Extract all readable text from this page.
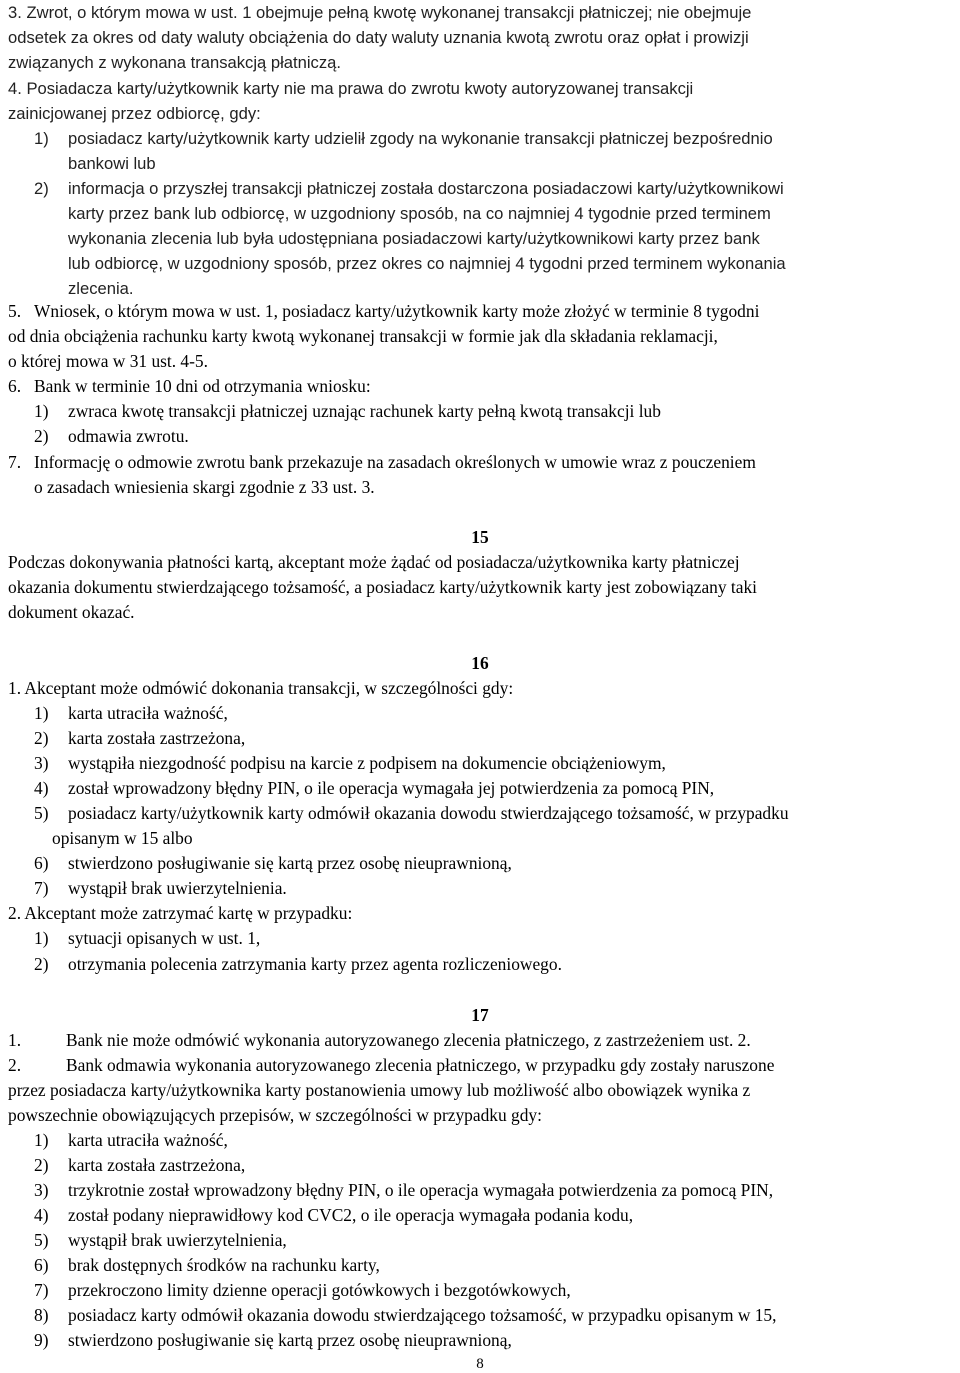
3. Zwrot, o którym mowa w ust. 1 obejmuje pełną kwotę wykonanej transakcji płatniczej; nie obejmuje

odsetek za okres od daty waluty obciążenia do daty waluty uznania kwotą zwrotu oraz opłat i prowizji

związanych z wykonana transakcją płatniczą.

4. Posiadacza karty/użytkownik karty nie ma prawa do zwrotu kwoty autoryzowanej transakcji

zainicjowanej przez odbiorcę, gdy:

1)	posiadacz karty/użytkownik karty udzielił zgody na wykonanie transakcji płatniczej bezpośrednio

bankowi lub

2)	informacja o przyszłej transakcji płatniczej została dostarczona posiadaczowi karty/użytkownikowi

karty przez bank lub odbiorcę, w uzgodniony sposób, na co najmniej 4 tygodnie przed terminem

wykonania zlecenia lub była udostępniana posiadaczowi karty/użytkownikowi karty przez bank

lub odbiorcę, w uzgodniony sposób, przez okres co najmniej 4 tygodni przed terminem wykonania

zlecenia.

5. Wniosek, o którym mowa w ust. 1, posiadacz karty/użytkownik karty może złożyć w terminie 8 tygodni

od dnia obciążenia rachunku karty kwotą wykonanej transakcji w formie jak dla składania reklamacji,

o której mowa w 31 ust. 4-5.

6. Bank w terminie 10 dni od otrzymania wniosku:
1)	zwraca kwotę transakcji płatniczej uznając rachunek karty pełną kwotą transakcji lub
2)	odmawia zwrotu.
7. Informację o odmowie zwrotu bank przekazuje na zasadach określonych w umowie wraz z pouczeniem

o zasadach wniesienia skargi zgodnie z 33 ust. 3.

15

Podczas dokonywania płatności kartą, akceptant może żądać od posiadacza/użytkownika karty płatniczej

okazania dokumentu stwierdzającego tożsamość, a posiadacz karty/użytkownik karty jest zobowiązany taki

dokument okazać.

16

1. Akceptant może odmówić dokonania transakcji, w szczególności gdy:

1)	karta utraciła ważność,
2)	karta została zastrzeżona,
3)	wystąpiła niezgodność podpisu na karcie z podpisem na dokumencie obciążeniowym,
4)	został wprowadzony błędny PIN, o ile operacja wymagała jej potwierdzenia za pomocą PIN,
5)	posiadacz karty/użytkownik karty odmówił okazania dowodu stwierdzającego tożsamość, w przypadku
opisanym w 15 albo
6)	stwierdzono posługiwanie się kartą przez osobę nieuprawnioną,
7)	wystąpił brak uwierzytelnienia.

2. Akceptant może zatrzymać kartę w przypadku:

1)	sytuacji opisanych w ust. 1,
2)	otrzymania polecenia zatrzymania karty przez agenta rozliczeniowego.
17
1.	Bank nie może odmówić wykonania autoryzowanego zlecenia płatniczego, z zastrzeżeniem ust. 2.
2.	Bank odmawia wykonania autoryzowanego zlecenia płatniczego, w przypadku gdy zostały naruszone

przez posiadacza karty/użytkownika karty postanowienia umowy lub możliwość albo obowiązek wynika z

powszechnie obowiązujących przepisów, w szczególności w przypadku gdy:

1)	karta utraciła ważność,
2)	karta została zastrzeżona,
3)	trzykrotnie został wprowadzony błędny PIN, o ile operacja wymagała potwierdzenia za pomocą PIN,
4)	został podany nieprawidłowy kod CVC2, o ile operacja wymagała podania kodu,
5)	wystąpił brak uwierzytelnienia,
6)	brak dostępnych środków na rachunku karty,
7)	przekroczono limity dzienne operacji gotówkowych i bezgotówkowych,
8)	posiadacz karty odmówił okazania dowodu stwierdzającego tożsamość, w przypadku opisanym w 15,
9)	stwierdzono posługiwanie się kartą przez osobę nieuprawnioną,
8
